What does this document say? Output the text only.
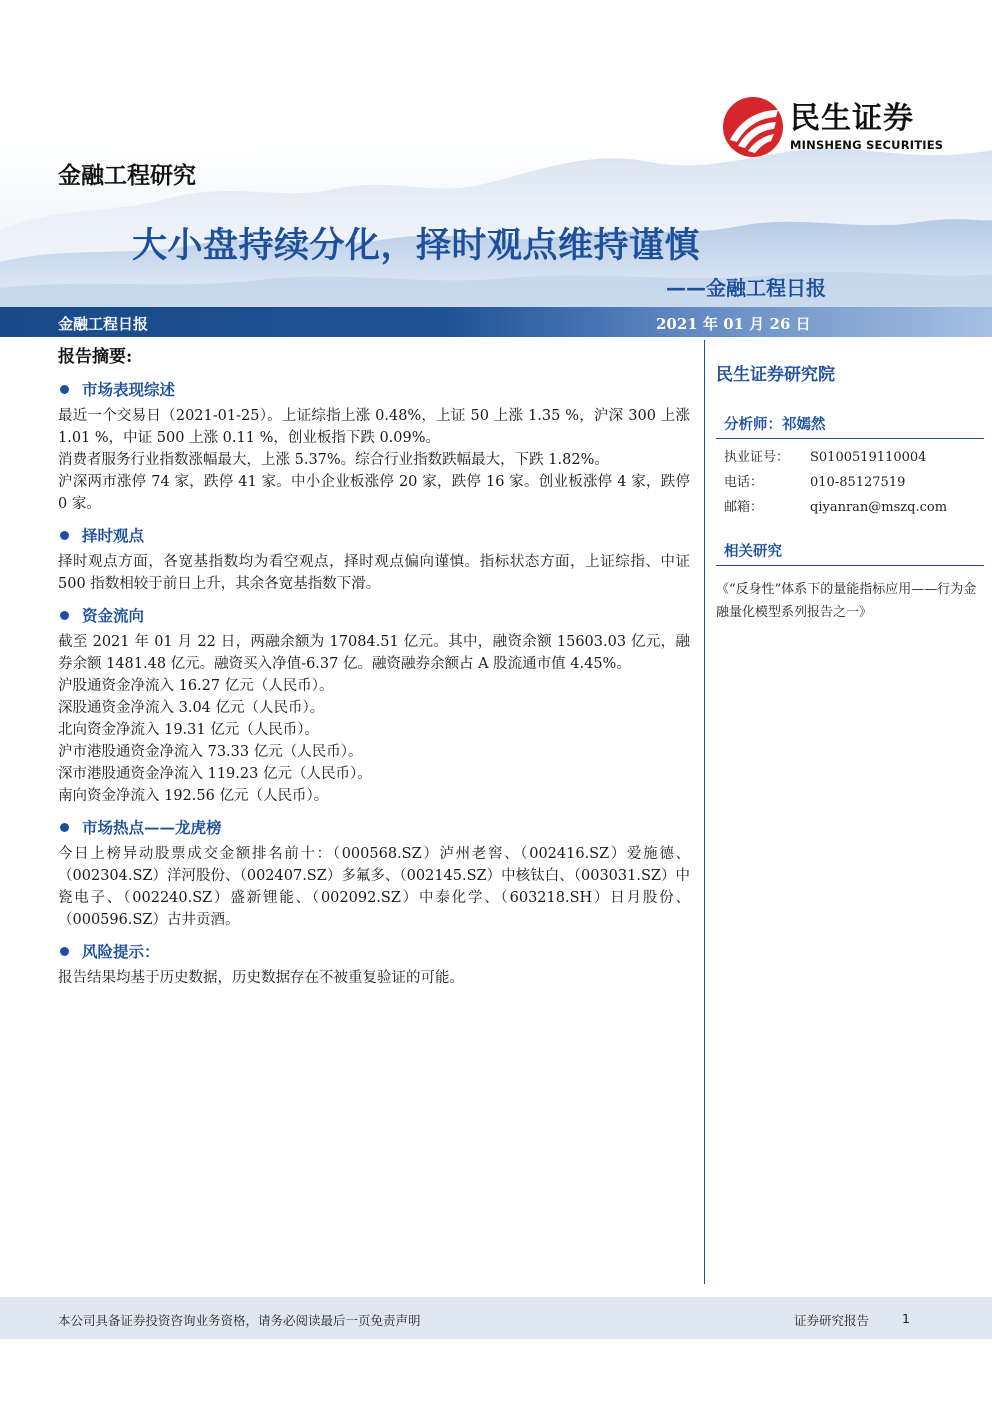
民生证券
MINSHENG SECURITIES
金融工程研究
大小盘持续分化，择时观点维持谨慎
——金融工程日报
金融工程日报	2021 年 01 月 26 日
报告摘要:
市场表现综述
最近一个交易日（2021-01-25）。上证综指上涨 0.48%，上证 50 上涨 1.35 %，沪深 300 上涨 1.01 %，中证 500 上涨 0.11 %，创业板指下跌 0.09%。
消费者服务行业指数涨幅最大，上涨 5.37%。综合行业指数跌幅最大，下跌 1.82%。
沪深两市涨停 74 家，跌停 41 家。中小企业板涨停 20 家，跌停 16 家。创业板涨停 4 家，跌停 0 家。
择时观点
择时观点方面，各宽基指数均为看空观点，择时观点偏向谨慎。指标状态方面，上证综指、中证 500 指数相较于前日上升，其余各宽基指数下滑。
资金流向
截至 2021 年 01 月 22 日，两融余额为 17084.51 亿元。其中，融资余额 15603.03 亿元，融券余额 1481.48 亿元。融资买入净值-6.37 亿。融资融券余额占 A 股流通市值 4.45%。
沪股通资金净流入 16.27 亿元（人民币）。
深股通资金净流入 3.04 亿元（人民币）。
北向资金净流入 19.31 亿元（人民币）。
沪市港股通资金净流入 73.33 亿元（人民币）。
深市港股通资金净流入 119.23 亿元（人民币）。
南向资金净流入 192.56 亿元（人民币）。
市场热点——龙虎榜
今日上榜异动股票成交金额排名前十：（000568.SZ）泸州老窖、（002416.SZ）爱施德、（002304.SZ）洋河股份、（002407.SZ）多氟多、（002145.SZ）中核钛白、（003031.SZ）中瓷电子、（002240.SZ）盛新锂能、（002092.SZ）中泰化学、（603218.SH）日月股份、（000596.SZ）古井贡酒。
风险提示：
报告结果均基于历史数据，历史数据存在不被重复验证的可能。
民生证券研究院
分析师：祁嫣然
执业证号：	S0100519110004
电话：	010-85127519
邮箱：	qiyanran@mszq.com
相关研究
《“反身性”体系下的量能指标应用——行为金融量化模型系列报告之一》
本公司具备证券投资咨询业务资格，请务必阅读最后一页免责声明	证券研究报告	1
